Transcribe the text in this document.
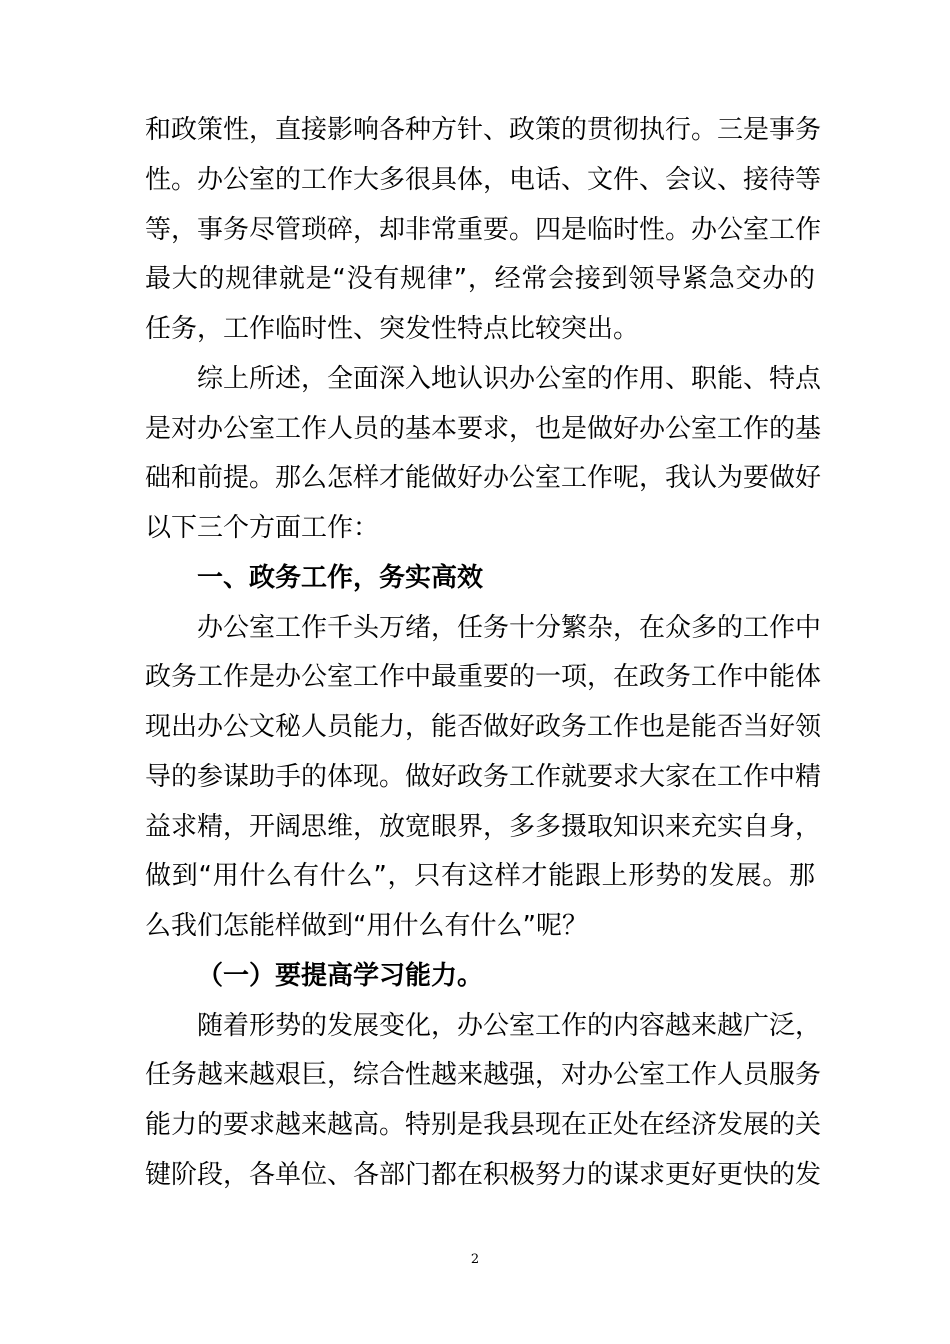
和政策性，直接影响各种方针、政策的贯彻执行。三是事务
性。办公室的工作大多很具体，电话、文件、会议、接待等
等，事务尽管琐碎，却非常重要。四是临时性。办公室工作
最大的规律就是“没有规律”，经常会接到领导紧急交办的
任务，工作临时性、突发性特点比较突出。
综上所述，全面深入地认识办公室的作用、职能、特点
是对办公室工作人员的基本要求，也是做好办公室工作的基
础和前提。那么怎样才能做好办公室工作呢，我认为要做好
以下三个方面工作：
一、政务工作，务实高效
办公室工作千头万绪，任务十分繁杂，在众多的工作中
政务工作是办公室工作中最重要的一项，在政务工作中能体
现出办公文秘人员能力，能否做好政务工作也是能否当好领
导的参谋助手的体现。做好政务工作就要求大家在工作中精
益求精，开阔思维，放宽眼界，多多摄取知识来充实自身，
做到“用什么有什么”，只有这样才能跟上形势的发展。那
么我们怎能样做到“用什么有什么”呢？
（一）要提高学习能力。
随着形势的发展变化，办公室工作的内容越来越广泛，
任务越来越艰巨，综合性越来越强，对办公室工作人员服务
能力的要求越来越高。特别是我县现在正处在经济发展的关
键阶段，各单位、各部门都在积极努力的谋求更好更快的发
2
